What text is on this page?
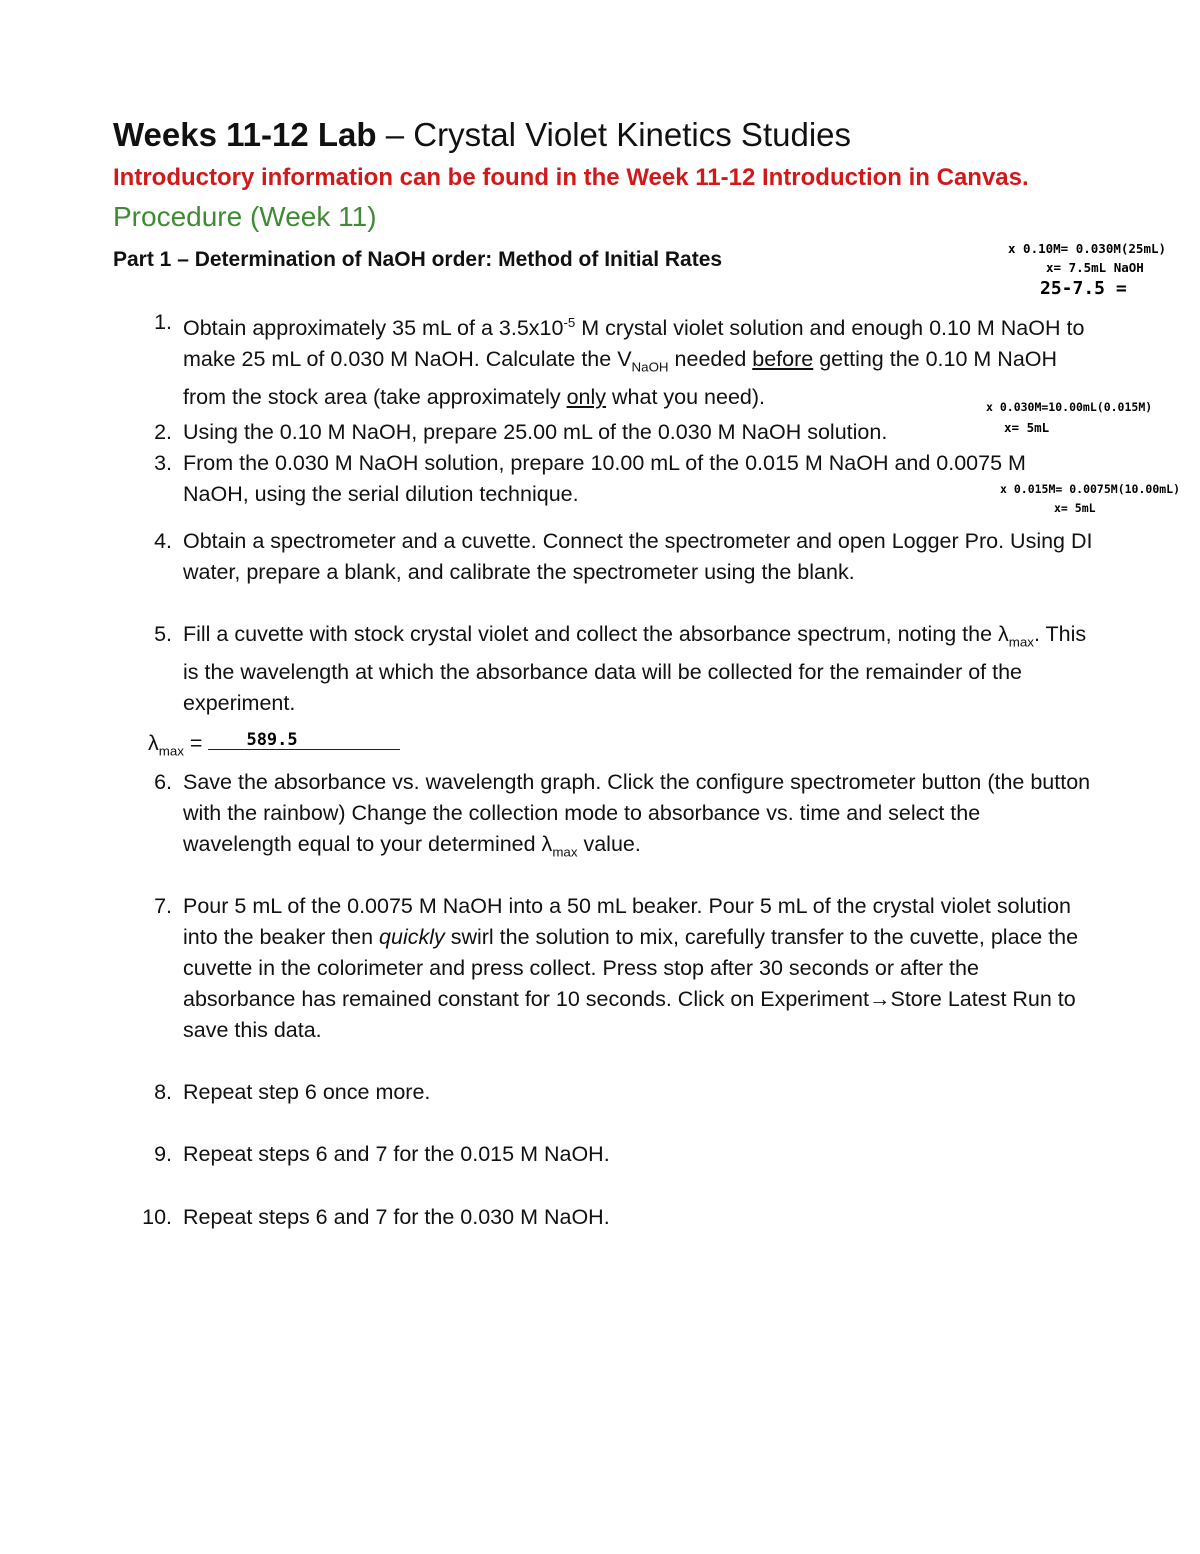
Weeks 11-12 Lab – Crystal Violet Kinetics Studies
Introductory information can be found in the Week 11-12 Introduction in Canvas.
Procedure (Week 11)
Part 1 – Determination of NaOH order: Method of Initial Rates	x 0.10M= 0.030M(25mL)
x= 7.5mL NaOH
25-7.5 =
x 0.030M=10.00mL(0.015M)
x= 5mL
x 0.015M= 0.0075M(10.00mL)
x= 5mL
1. Obtain approximately 35 mL of a $3.5x10^{-5}$ M crystal violet solution and enough 0.10 M NaOH to make 25 mL of 0.030 M NaOH. Calculate the $V_{NaOH}$ needed before getting the 0.10 M NaOH from the stock area (take approximately only what you need).
2. Using the 0.10 M NaOH, prepare 25.00 mL of the 0.030 M NaOH solution.
3. From the 0.030 M NaOH solution, prepare 10.00 mL of the 0.015 M NaOH and 0.0075 M NaOH, using the serial dilution technique.
4. Obtain a spectrometer and a cuvette. Connect the spectrometer and open Logger Pro. Using DI water, prepare a blank, and calibrate the spectrometer using the blank.
5. Fill a cuvette with stock crystal violet and collect the absorbance spectrum, noting the $\lambda_{max}$. This is the wavelength at which the absorbance data will be collected for the remainder of the experiment.
$\lambda_{max} = 589.5$
6. Save the absorbance vs. wavelength graph. Click the configure spectrometer button (the button with the rainbow) Change the collection mode to absorbance vs. time and select the wavelength equal to your determined $\lambda_{max}$ value.
7. Pour 5 mL of the 0.0075 M NaOH into a 50 mL beaker. Pour 5 mL of the crystal violet solution into the beaker then quickly swirl the solution to mix, carefully transfer to the cuvette, place the cuvette in the colorimeter and press collect. Press stop after 30 seconds or after the absorbance has remained constant for 10 seconds. Click on Experiment→Store Latest Run to save this data.
8. Repeat step 6 once more.
9. Repeat steps 6 and 7 for the 0.015 M NaOH.
10. Repeat steps 6 and 7 for the 0.030 M NaOH.
